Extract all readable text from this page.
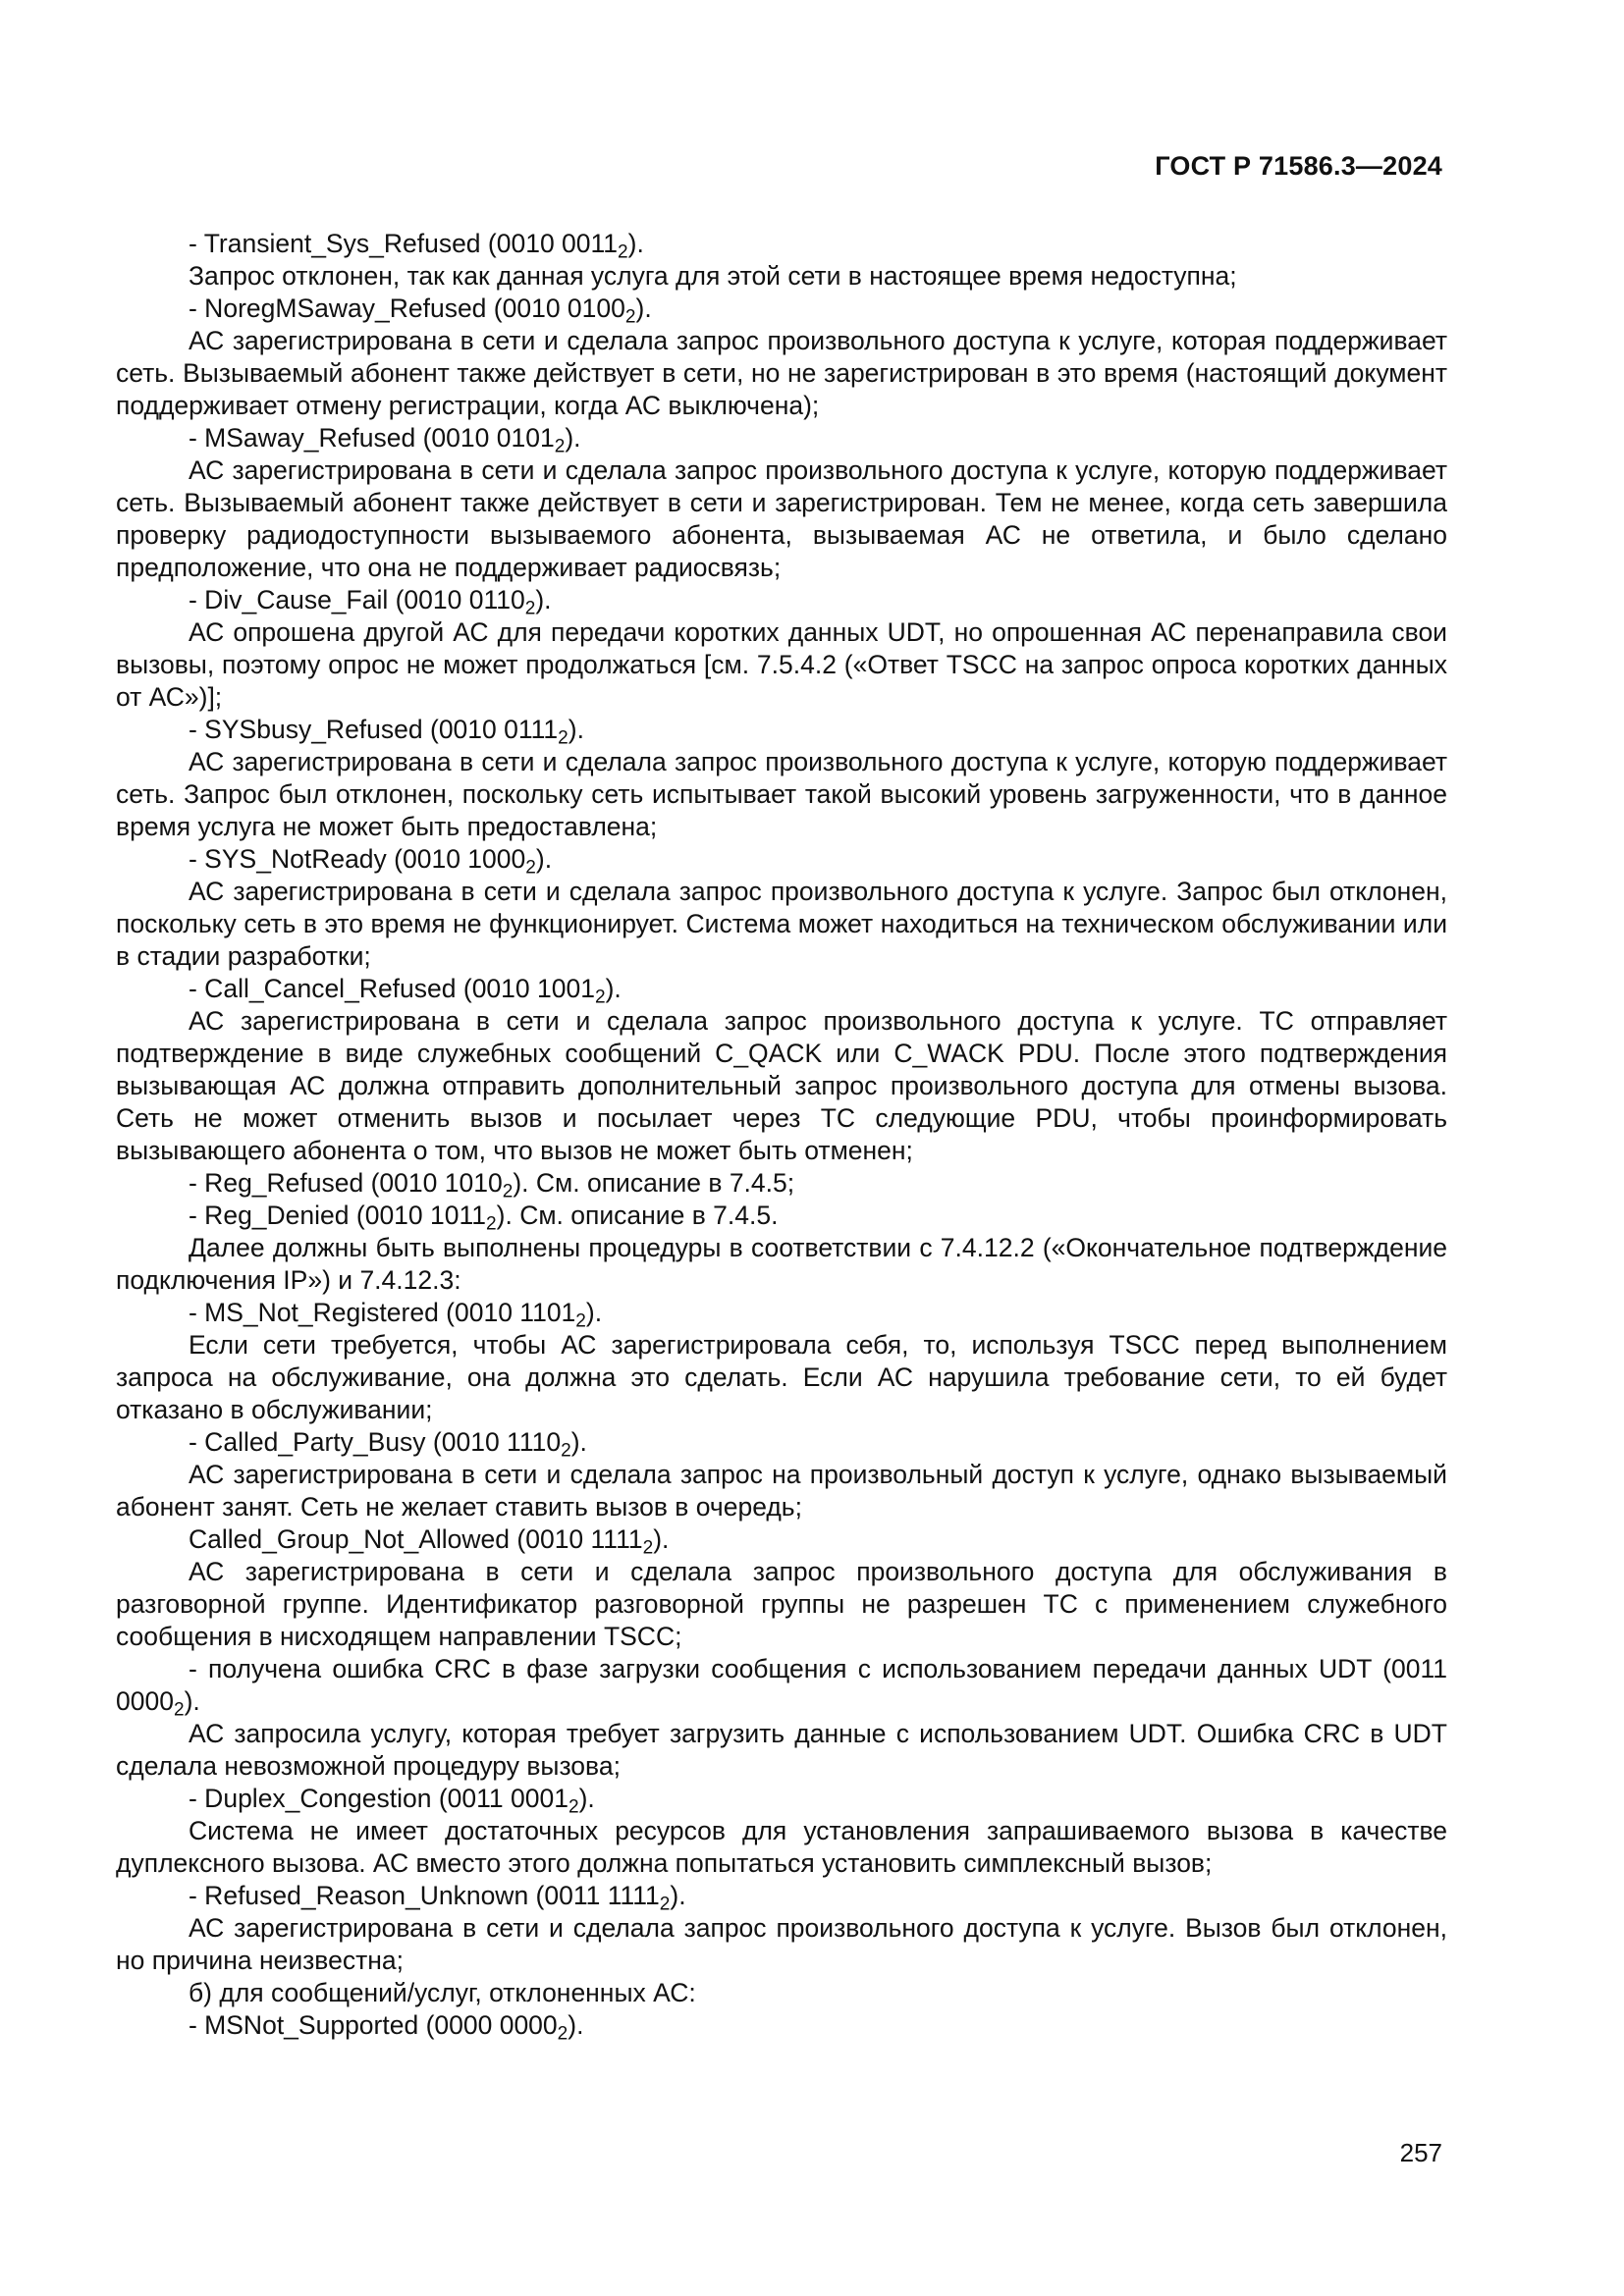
ГОСТ Р 71586.3—2024

- Transient_Sys_Refused (0010 $0011_2$).

Запрос отклонен, так как данная услуга для этой сети в настоящее время недоступна;

- NoregMSaway_Refused (0010 $0100_2$).

АС зарегистрирована в сети и сделала запрос произвольного доступа к услуге, которая поддерживает сеть. Вызываемый абонент также действует в сети, но не зарегистрирован в это время (настоящий документ поддерживает отмену регистрации, когда АС выключена);

- MSaway_Refused (0010 $0101_2$).

АС зарегистрирована в сети и сделала запрос произвольного доступа к услуге, которую поддерживает сеть. Вызываемый абонент также действует в сети и зарегистрирован. Тем не менее, когда сеть завершила проверку радиодоступности вызываемого абонента, вызываемая АС не ответила, и было сделано предположение, что она не поддерживает радиосвязь;

- Div_Cause_Fail (0010 $0110_2$).

АС опрошена другой АС для передачи коротких данных UDT, но опрошенная АС перенаправила свои вызовы, поэтому опрос не может продолжаться [см. 7.5.4.2 («Ответ TSCC на запрос опроса коротких данных от АС»)];

- SYSbusy_Refused (0010 $0111_2$).

АС зарегистрирована в сети и сделала запрос произвольного доступа к услуге, которую поддерживает сеть. Запрос был отклонен, поскольку сеть испытывает такой высокий уровень загруженности, что в данное время услуга не может быть предоставлена;

- SYS_NotReady (0010 $1000_2$).

АС зарегистрирована в сети и сделала запрос произвольного доступа к услуге. Запрос был отклонен, поскольку сеть в это время не функционирует. Система может находиться на техническом обслуживании или в стадии разработки;

- Call_Cancel_Refused (0010 $1001_2$).

АС зарегистрирована в сети и сделала запрос произвольного доступа к услуге. ТС отправляет подтверждение в виде служебных сообщений C_QACK или C_WACK PDU. После этого подтверждения вызывающая АС должна отправить дополнительный запрос произвольного доступа для отмены вызова. Сеть не может отменить вызов и посылает через ТС следующие PDU, чтобы проинформировать вызывающего абонента о том, что вызов не может быть отменен;

- Reg_Refused (0010 $1010_2$). См. описание в 7.4.5;

- Reg_Denied (0010 $1011_2$). См. описание в 7.4.5.

Далее должны быть выполнены процедуры в соответствии с 7.4.12.2 («Окончательное подтверждение подключения IP») и 7.4.12.3:

- MS_Not_Registered (0010 $1101_2$).

Если сети требуется, чтобы АС зарегистрировала себя, то, используя TSCC перед выполнением запроса на обслуживание, она должна это сделать. Если АС нарушила требование сети, то ей будет отказано в обслуживании;

- Called_Party_Busy (0010 $1110_2$).

АС зарегистрирована в сети и сделала запрос на произвольный доступ к услуге, однако вызываемый абонент занят. Сеть не желает ставить вызов в очередь;

Called_Group_Not_Allowed (0010 $1111_2$).

АС зарегистрирована в сети и сделала запрос произвольного доступа для обслуживания в разговорной группе. Идентификатор разговорной группы не разрешен ТС с применением служебного сообщения в нисходящем направлении TSCC;

- получена ошибка CRC в фазе загрузки сообщения с использованием передачи данных UDT (0011 $0000_2$).

АС запросила услугу, которая требует загрузить данные с использованием UDT. Ошибка CRC в UDT сделала невозможной процедуру вызова;

- Duplex_Congestion (0011 $0001_2$).

Система не имеет достаточных ресурсов для установления запрашиваемого вызова в качестве дуплексного вызова. АС вместо этого должна попытаться установить симплексный вызов;

- Refused_Reason_Unknown (0011 $1111_2$).

АС зарегистрирована в сети и сделала запрос произвольного доступа к услуге. Вызов был отклонен, но причина неизвестна;

б) для сообщений/услуг, отклоненных АС:

- MSNot_Supported (0000 $0000_2$).

257
